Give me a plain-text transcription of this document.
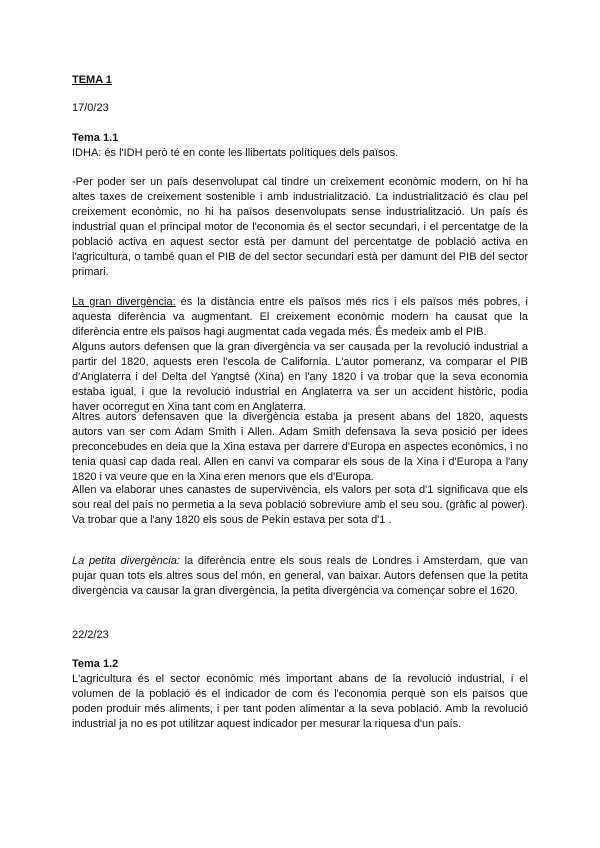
TEMA 1

17/0/23

Tema 1.1

IDHA: és l'IDH però té en conte les llibertats polítiques dels països.

-Per poder ser un país desenvolupat cal tindre un creixement econòmic modern, on hi ha altes taxes de creixement sostenible i amb industrialització. La industrialització és clau pel creixement econòmic, no hi ha països desenvolupats sense industrialització. Un país és industrial quan el principal motor de l'economia és el sector secundari, i el percentatge de la població activa en aquest sector està per damunt del percentatge de població activa en l'agricultura, o també quan el PIB de del sector secundari està per damunt del PIB del sector primari.

La gran divergència: és la distància entre els països més rics i els països més pobres, i aquesta diferència va augmentant. El creixement econòmic modern ha causat que la diferència entre els països hagi augmentat cada vegada més. És medeix amb el PIB.

Alguns autors defensen que la gran divergència va ser causada per la revolució industrial a partir del 1820, aquests eren l'escola de California. L'autor pomeranz, va comparar el PIB d'Anglaterra i del Delta del Yangtsé (Xina) en l'any 1820 i va trobar que la seva economia estaba igual, i que la revolució industrial en Anglaterra va ser un accident històric, podia haver ocorregut en Xina tant com en Anglaterra.

Altres autors defensaven que la divergència estaba ja present abans del 1820, aquests autors van ser com Adam Smith i Allen. Adam Smith defensava la seva posició per idees preconcebudes en deia que la Xina estava per darrere d'Europa en aspectes econòmics, i no tenia quasi cap dada real. Allen en canvi va comparar els sous de la Xina i d'Europa a l'any 1820 i va veure que en la Xina eren menors que els d'Europa.

Allen va elaborar unes canastes de supervivència, els valors per sota d'1 significava que els sou real del país no permetia a la seva població sobreviure amb el seu sou. (gràfic al power). Va trobar que a l'any 1820 els sous de Pekín estava per sota d'1 .

La petita divergència: la diferència entre els sous reals de Londres i Amsterdam, que van pujar quan tots els altres sous del món, en general, van baixar. Autors defensen que la petita divergència va causar la gran divergència, la petita divergència va començar sobre el 1620.

22/2/23

Tema 1.2

L'agricultura és el sector econòmic més important abans de la revolució industrial, i el volumen de la població és el indicador de com és l'economia perquè son els països que poden produir més aliments, i per tant poden alimentar a la seva població. Amb la revolució industrial ja no es pot utilitzar aquest indicador per mesurar la riquesa d'un país.
